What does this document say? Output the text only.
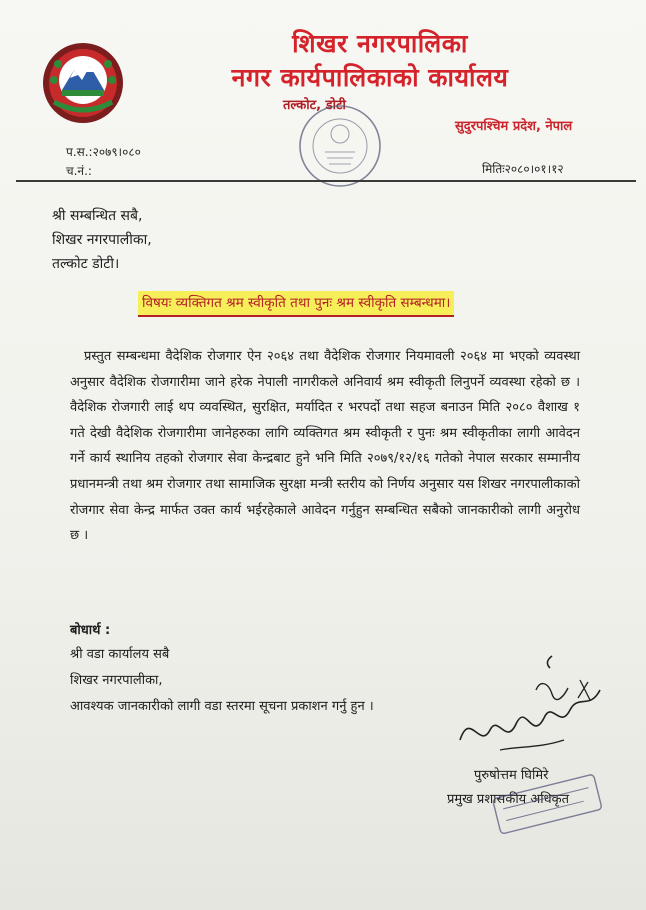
शिखर नगरपालिका
नगर कार्यपालिकाको कार्यालय
तल्कोट, डोटी
सुदुरपश्चिम प्रदेश, नेपाल
प.स.:२०७९।०८०
च.नं.:	मितिः२०८०।०१।१२
श्री सम्बन्धित सबै,
शिखर नगरपालीका,
तल्कोट डोटी।
विषयः व्यक्तिगत श्रम स्वीकृति तथा पुनः श्रम स्वीकृति सम्बन्धमा।
प्रस्तुत सम्बन्धमा वैदेशिक रोजगार ऐन २०६४ तथा वैदेशिक रोजगार नियमावली २०६४ मा भएको व्यवस्था अनुसार वैदेशिक रोजगारीमा जाने हरेक नेपाली नागरीकले अनिवार्य श्रम स्वीकृती लिनुपर्ने व्यवस्था रहेको छ । वैदेशिक रोजगारी लाई थप व्यवस्थित, सुरक्षित, मर्यादित र भरपर्दो तथा सहज बनाउन मिति २०८० वैशाख १ गते देखी वैदेशिक रोजगारीमा जानेहरुका लागि व्यक्तिगत श्रम स्वीकृती र पुनः श्रम स्वीकृतीका लागी आवेदन गर्ने कार्य स्थानिय तहको रोजगार सेवा केन्द्रबाट हुने भनि मिति २०७९/१२/१६ गतेको नेपाल सरकार सम्मानीय प्रधानमन्त्री तथा श्रम रोजगार तथा सामाजिक सुरक्षा मन्त्री स्तरीय को निर्णय अनुसार यस शिखर नगरपालीकाको रोजगार सेवा केन्द्र मार्फत उक्त कार्य भईरहेकाले आवेदन गर्नुहुन सम्बन्धित सबैको जानकारीको लागी अनुरोध छ ।
बोधार्थ :
श्री वडा कार्यालय सबै
शिखर नगरपालीका,
आवश्यक जानकारीको लागी वडा स्तरमा सूचना प्रकाशन गर्नु हुन ।
पुरुषोत्तम घिमिरे
प्रमुख प्रशासकीय अधिकृत
